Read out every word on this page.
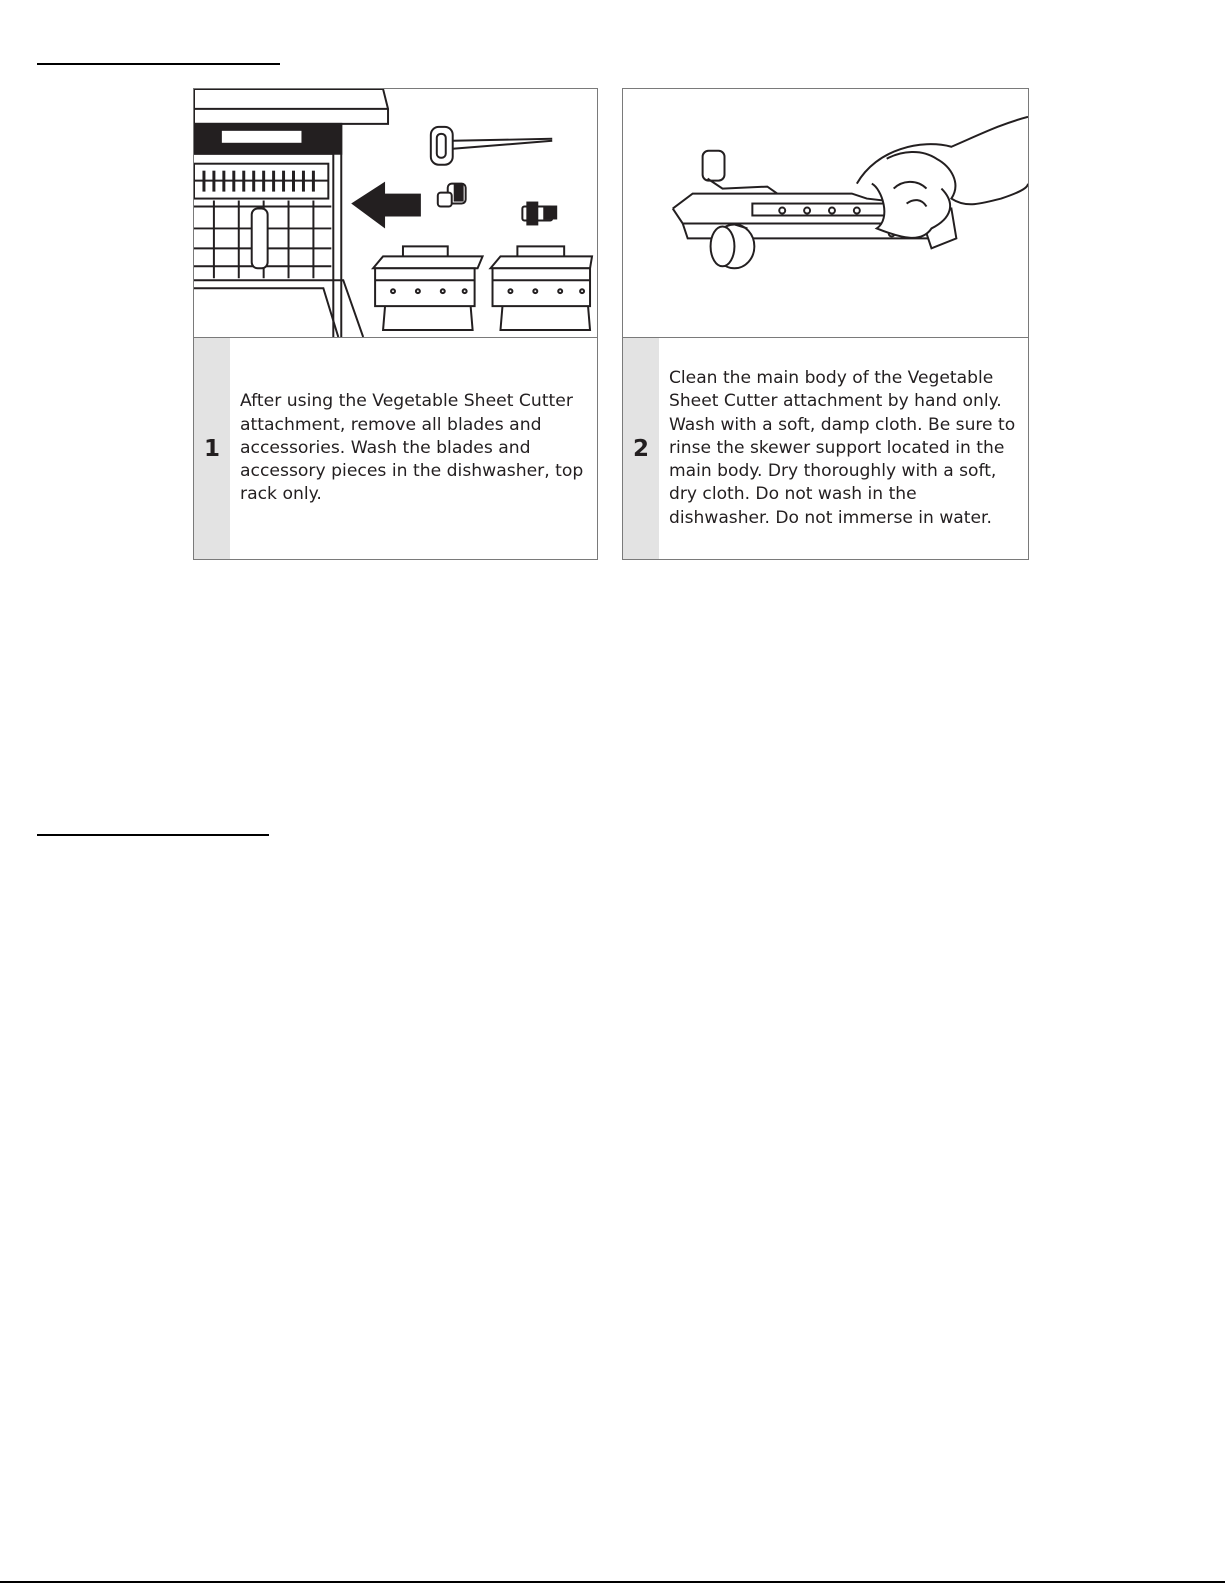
1
After using the Vegetable Sheet Cutter attachment, remove all blades and accessories. Wash the blades and accessory pieces in the dishwasher, top rack only.
2
Clean the main body of the Vegetable Sheet Cutter attachment by hand only. Wash with a soft, damp cloth. Be sure to rinse the skewer support located in the main body. Dry thoroughly with a soft, dry cloth. Do not wash in the dishwasher. Do not immerse in water.
